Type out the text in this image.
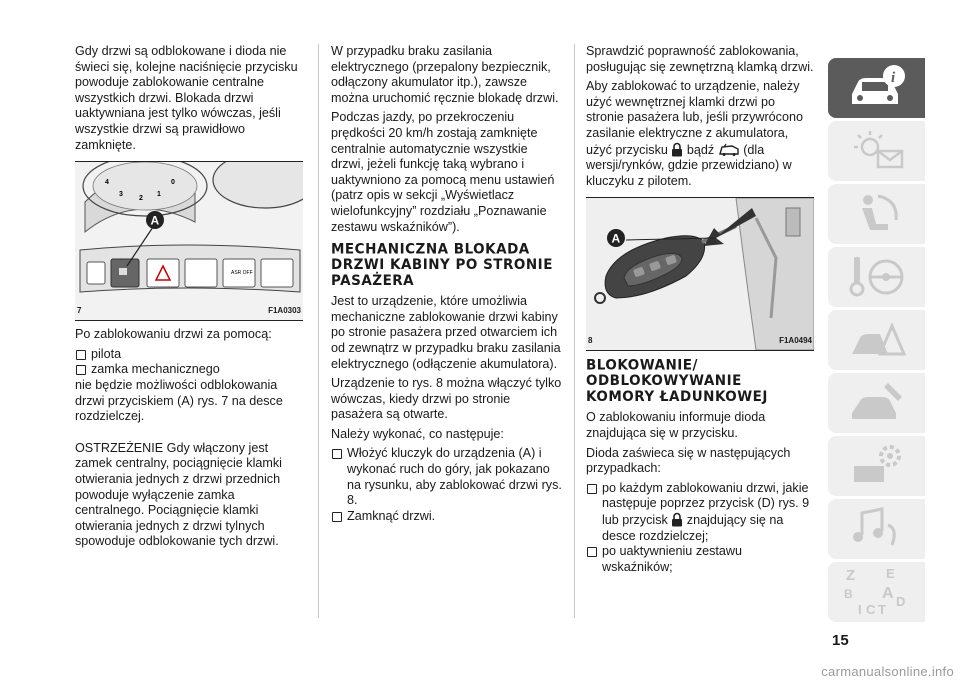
Gdy drzwi są odblokowane i dioda nie świeci się, kolejne naciśnięcie przycisku powoduje zablokowanie centralne wszystkich drzwi. Blokada drzwi uaktywniana jest tylko wówczas, jeśli wszystkie drzwi są prawidłowo zamknięte.

4
3
2
1
0
ASR OFF
A
7	F1A0303

Po zablokowaniu drzwi za pomocą:

pilota
zamka mechanicznego

nie będzie możliwości odblokowania drzwi przyciskiem (A) rys. 7 na desce rozdzielczej.

OSTRZEŻENIE Gdy włączony jest zamek centralny, pociągnięcie klamki otwierania jednych z drzwi przednich powoduje wyłączenie zamka centralnego. Pociągnięcie klamki otwierania jednych z drzwi tylnych spowoduje odblokowanie tych drzwi.

W przypadku braku zasilania elektrycznego (przepalony bezpiecznik, odłączony akumulator itp.), zawsze można uruchomić ręcznie blokadę drzwi.

Podczas jazdy, po przekroczeniu prędkości 20 km/h zostają zamknięte centralnie automatycznie wszystkie drzwi, jeżeli funkcję taką wybrano i uaktywniono za pomocą menu ustawień (patrz opis w sekcji „Wyświetlacz wielofunkcyjny” rozdziału „Poznawanie zestawu wskaźników”).

MECHANICZNA BLOKADA DRZWI KABINY PO STRONIE PASAŻERA

Jest to urządzenie, które umożliwia mechaniczne zablokowanie drzwi kabiny po stronie pasażera przed otwarciem ich od zewnątrz w przypadku braku zasilania elektrycznego (odłączenie akumulatora).

Urządzenie to rys. 8 można włączyć tylko wówczas, kiedy drzwi po stronie pasażera są otwarte.

Należy wykonać, co następuje:

Włożyć kluczyk do urządzenia (A) i wykonać ruch do góry, jak pokazano na rysunku, aby zablokować drzwi rys. 8.
Zamknąć drzwi.

Sprawdzić poprawność zablokowania, posługując się zewnętrzną klamką drzwi.

Aby zablokować to urządzenie, należy użyć wewnętrznej klamki drzwi po stronie pasażera lub, jeśli przywrócono zasilanie elektryczne z akumulatora, użyć przycisku bądź (dla wersji/rynków, gdzie przewidziano) w kluczyku z pilotem.

A
8	F1A0494
BLOKOWANIE/ ODBLOKOWYWANIE KOMORY ŁADUNKOWEJ

O zablokowaniu informuje dioda znajdująca się w przycisku.

Dioda zaświeca się w następujących przypadkach:

po każdym zablokowaniu drzwi, jakie następuje poprzez przycisk (D) rys. 9 lub przycisk znajdujący się na desce rozdzielczej;
po uaktywnieniu zestawu wskaźników;
i
Z E
B A
I C T
D
15
carmanualsonline.info
